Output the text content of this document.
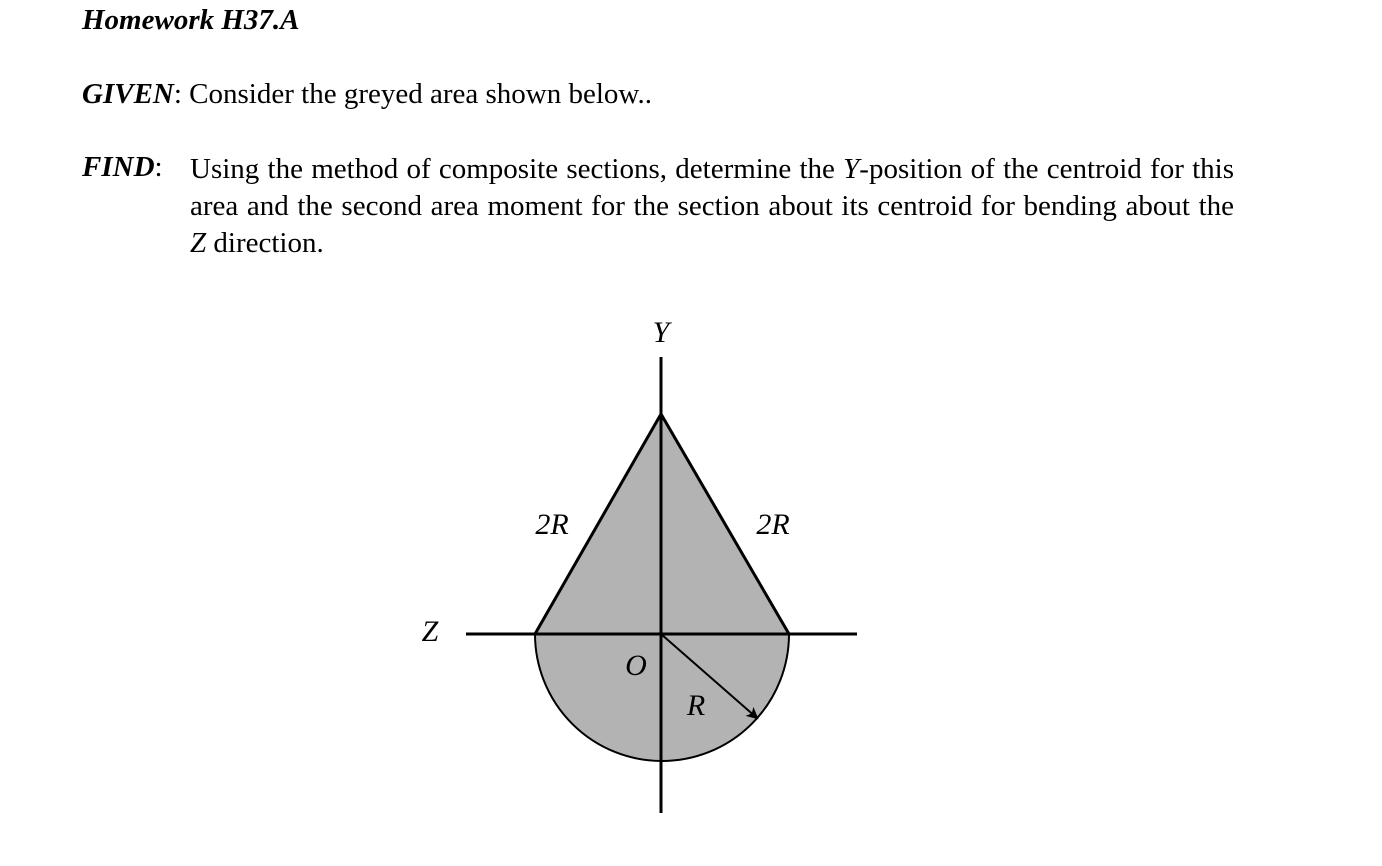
Homework H37.A
GIVEN: Consider the greyed area shown below..
FIND: Using the method of composite sections, determine the Y-position of the centroid for this area and the second area moment for the section about its centroid for bending about the Z direction.
Y
Z
O
2R	2R
R
